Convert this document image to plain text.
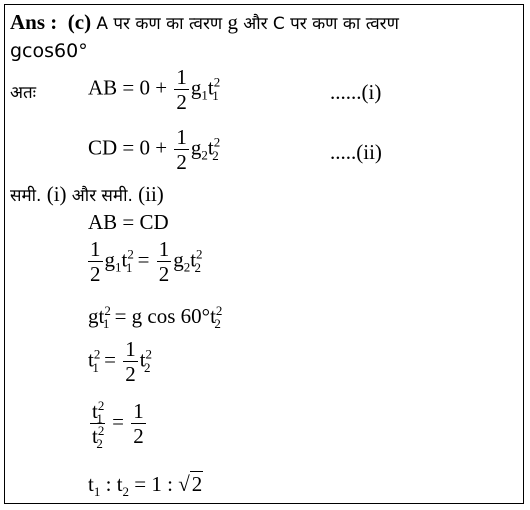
Ans : (c) A पर कण का त्वरण g और C पर कण का त्वरण
gcos60°
अतः AB = $0 + \frac{1}{2} g_1t^2_1$	......(i)
CD = $0 + \frac{1}{2} g_2t^2_2$	.....(ii)
समी. (i) और समी. (ii)
AB = CD
$\frac{1}{2} g_1t^2_1 = \frac{1}{2} g_2t^2_2$
$gt^2_1 = g$ $\cos 60^\circ t^2_2$
$t^2_1 = \frac{1}{2} t^2_2$
$\frac{t^2_1}{t^2_2} = \frac{1}{2}$
$t_1$ : $t_2 = 1$ : √2
